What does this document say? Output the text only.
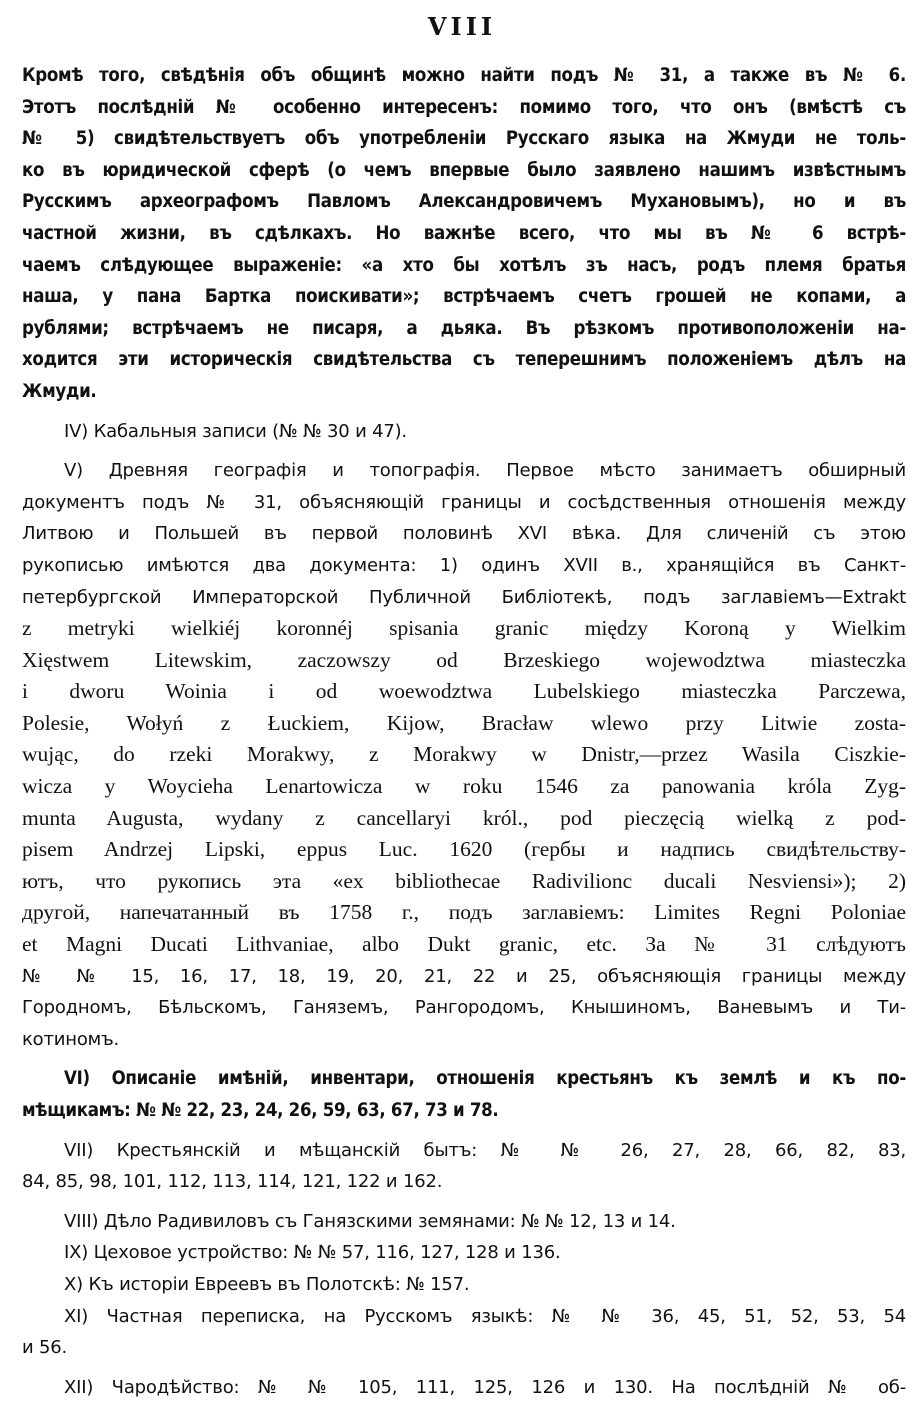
VIII
Кромѣ того, свѣдѣнія объ общинѣ можно найти подъ № 31, а также въ № 6.
Этотъ послѣдній № особенно интересенъ: помимо того, что онъ (вмѣстѣ съ
№ 5) свидѣтельствуетъ объ употребленіи Русскаго языка на Жмуди не толь-
ко въ юридической сферѣ (о чемъ впервые было заявлено нашимъ извѣстнымъ
Русскимъ археографомъ Павломъ Александровичемъ Мухановымъ), но и въ
частной жизни, въ сдѣлкахъ. Но важнѣе всего, что мы въ № 6 встрѣ-
чаемъ слѣдующее выраженіе: «а хто бы хотѣлъ зъ насъ, родъ племя братья
наша, у пана Бартка поискивати»; встрѣчаемъ счетъ грошей не копами, а
рублями; встрѣчаемъ не писаря, а дьяка. Въ рѣзкомъ противоположеніи на-
ходится эти историческія свидѣтельства съ теперешнимъ положеніемъ дѣлъ на
Жмуди.
IV) Кабальныя записи (№ № 30 и 47).
V) Древняя географія и топографія. Первое мѣсто занимаетъ обширный
документъ подъ № 31, объясняющій границы и сосѣдственныя отношенія между
Литвою и Польшей въ первой половинѣ XVI вѣка. Для сличеній съ этою
рукописью имѣются два документа: 1) одинъ XVII в., хранящійся въ Санкт-
петербургской Императорской Публичной Библіотекѣ, подъ заглавіемъ—Extrakt
z metryki wielkiéj koronnéj spisania granic między Koroną y Wielkim
Xięstwem Litewskim, zaczowszy od Brzeskiego wojewodztwa miasteczka
i dworu Woinia i od woewodztwa Lubelskiego miasteczka Parczewa,
Polesie, Wołyń z Łuckiem, Kijow, Bracław wlewo przy Litwie zosta-
wując, do rzeki Morakwy, z Morakwy w Dnistr,—przez Wasila Ciszkie-
wicza y Woycieha Lenartowicza w roku 1546 za panowania króla Zyg-
munta Augusta, wydany z cancellaryi król., pod pieczęcią wielką z pod-
pisem Andrzej Lipski, eppus Luc. 1620 (гербы и надпись свидѣтельству-
ютъ, что рукопись эта «ex bibliothecae Radivilionc ducali Nesviensi»); 2)
другой, напечатанный въ 1758 г., подъ заглавіемъ: Limites Regni Poloniae
et Magni Ducati Lithvaniae, albo Dukt granic, etc. За № 31 слѣдуютъ
№ № 15, 16, 17, 18, 19, 20, 21, 22 и 25, объясняющія границы между
Городномъ, Бѣльскомъ, Ганяземъ, Рангородомъ, Кнышиномъ, Ваневымъ и Ти-
котиномъ.
VI) Описаніе имѣній, инвентари, отношенія крестьянъ къ землѣ и къ по-
мѣщикамъ: № № 22, 23, 24, 26, 59, 63, 67, 73 и 78.
VII) Крестьянскій и мѣщанскій бытъ: № № 26, 27, 28, 66, 82, 83,
84, 85, 98, 101, 112, 113, 114, 121, 122 и 162.
VIII) Дѣло Радивиловъ съ Ганязскими земянами: № № 12, 13 и 14.
IX) Цеховое устройство: № № 57, 116, 127, 128 и 136.
X) Къ исторіи Евреевъ въ Полотскѣ: № 157.
XI) Частная переписка, на Русскомъ языкѣ: № № 36, 45, 51, 52, 53, 54
и 56.
XII) Чародѣйство: № № 105, 111, 125, 126 и 130. На послѣдній № об-
